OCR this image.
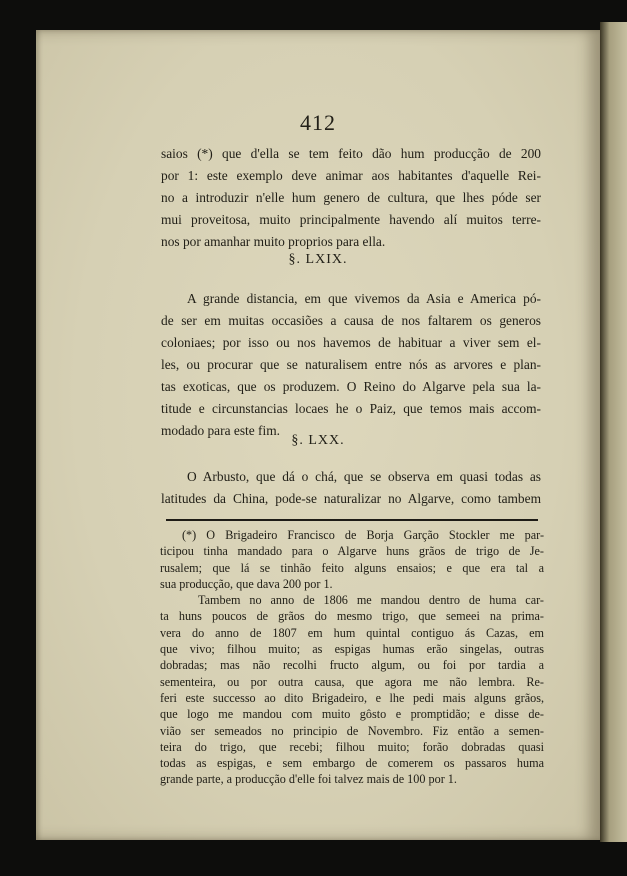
412
saios (*) que d'ella se tem feito dão hum producção de 200
por 1: este exemplo deve animar aos habitantes d'aquelle Rei-
no a introduzir n'elle hum genero de cultura, que lhes póde ser
mui proveitosa, muito principalmente havendo alí muitos terre-
nos por amanhar muito proprios para ella.
§. LXIX.
A grande distancia, em que vivemos da Asia e America pó-
de ser em muitas occasiões a causa de nos faltarem os generos
coloniaes; por isso ou nos havemos de habituar a viver sem el-
les, ou procurar que se naturalisem entre nós as arvores e plan-
tas exoticas, que os produzem. O Reino do Algarve pela sua la-
titude e circunstancias locaes he o Paiz, que temos mais accom-
modado para este fim.
§. LXX.
O Arbusto, que dá o chá, que se observa em quasi todas as
latitudes da China, pode-se naturalizar no Algarve, como tambem
(*) O Brigadeiro Francisco de Borja Garção Stockler me par-
ticipou tinha mandado para o Algarve huns grãos de trigo de Je-
rusalem; que lá se tinhão feito alguns ensaios; e que era tal a
sua producção, que dava 200 por 1.
Tambem no anno de 1806 me mandou dentro de huma car-
ta huns poucos de grãos do mesmo trigo, que semeei na prima-
vera do anno de 1807 em hum quintal contiguo ás Cazas, em
que vivo; filhou muito; as espigas humas erão singelas, outras
dobradas; mas não recolhi fructo algum, ou foi por tardia a
sementeira, ou por outra causa, que agora me não lembra. Re-
feri este successo ao dito Brigadeiro, e lhe pedi mais alguns grãos,
que logo me mandou com muito gôsto e promptidão; e disse de-
vião ser semeados no principio de Novembro. Fiz então a semen-
teira do trigo, que recebi; filhou muito; forão dobradas quasi
todas as espigas, e sem embargo de comerem os passaros huma
grande parte, a producção d'elle foi talvez mais de 100 por 1.
